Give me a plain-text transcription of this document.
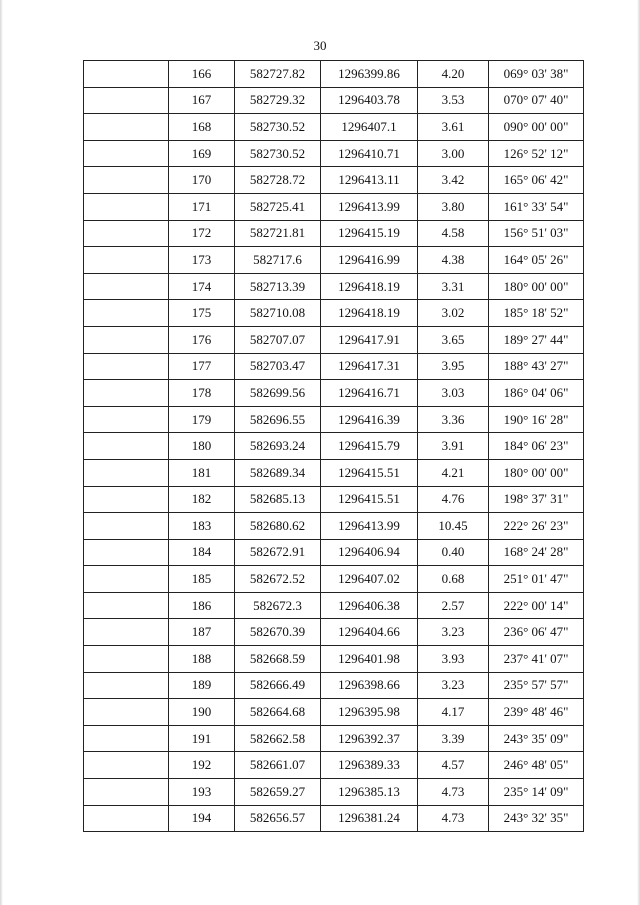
30
	166	582727.82	1296399.86	4.20	069° 03' 38"
	167	582729.32	1296403.78	3.53	070° 07' 40"
	168	582730.52	1296407.1	3.61	090° 00' 00"
	169	582730.52	1296410.71	3.00	126° 52' 12"
	170	582728.72	1296413.11	3.42	165° 06' 42"
	171	582725.41	1296413.99	3.80	161° 33' 54"
	172	582721.81	1296415.19	4.58	156° 51' 03"
	173	582717.6	1296416.99	4.38	164° 05' 26"
	174	582713.39	1296418.19	3.31	180° 00' 00"
	175	582710.08	1296418.19	3.02	185° 18' 52"
	176	582707.07	1296417.91	3.65	189° 27' 44"
	177	582703.47	1296417.31	3.95	188° 43' 27"
	178	582699.56	1296416.71	3.03	186° 04' 06"
	179	582696.55	1296416.39	3.36	190° 16' 28"
	180	582693.24	1296415.79	3.91	184° 06' 23"
	181	582689.34	1296415.51	4.21	180° 00' 00"
	182	582685.13	1296415.51	4.76	198° 37' 31"
	183	582680.62	1296413.99	10.45	222° 26' 23"
	184	582672.91	1296406.94	0.40	168° 24' 28"
	185	582672.52	1296407.02	0.68	251° 01' 47"
	186	582672.3	1296406.38	2.57	222° 00' 14"
	187	582670.39	1296404.66	3.23	236° 06' 47"
	188	582668.59	1296401.98	3.93	237° 41' 07"
	189	582666.49	1296398.66	3.23	235° 57' 57"
	190	582664.68	1296395.98	4.17	239° 48' 46"
	191	582662.58	1296392.37	3.39	243° 35' 09"
	192	582661.07	1296389.33	4.57	246° 48' 05"
	193	582659.27	1296385.13	4.73	235° 14' 09"
	194	582656.57	1296381.24	4.73	243° 32' 35"
